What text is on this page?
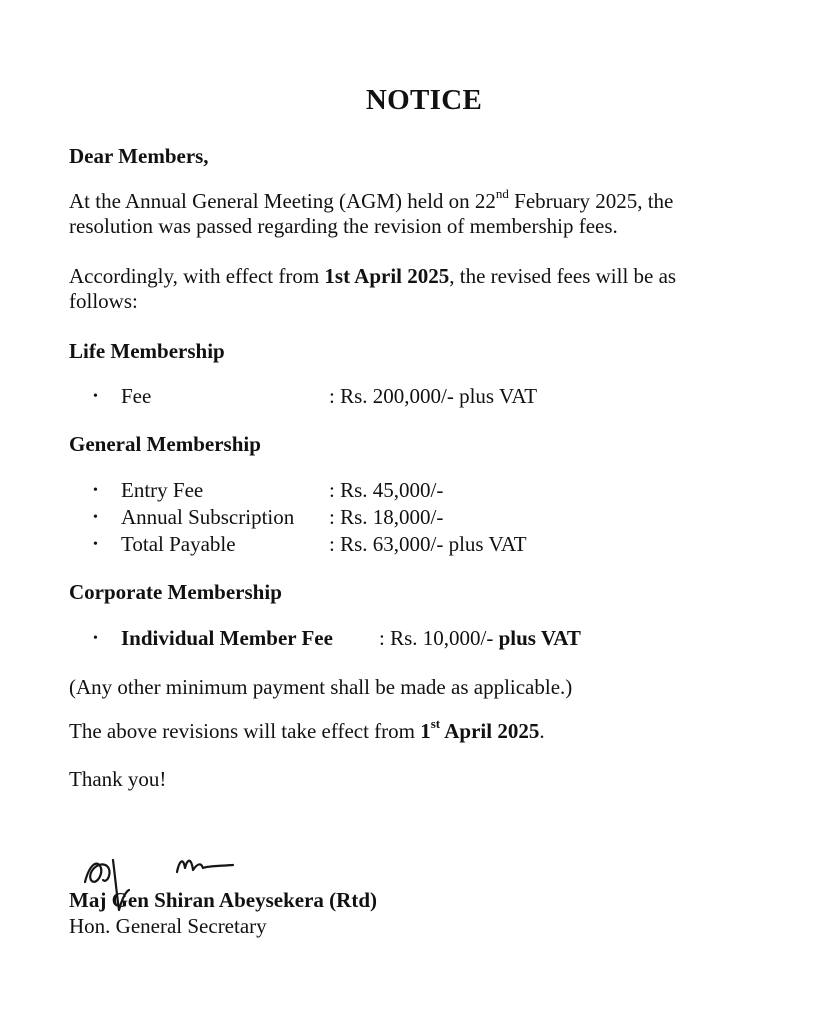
NOTICE
Dear Members,
At the Annual General Meeting (AGM) held on 22nd February 2025, the
resolution was passed regarding the revision of membership fees.
Accordingly, with effect from 1st April 2025, the revised fees will be as
follows:
Life Membership
• Fee	: Rs. 200,000/- plus VAT
General Membership
• Entry Fee	: Rs. 45,000/-
• Annual Subscription : Rs. 18,000/-
• Total Payable	: Rs. 63,000/- plus VAT
Corporate Membership
• Individual Member Fee : Rs. 10,000/- plus VAT
(Any other minimum payment shall be made as applicable.)
The above revisions will take effect from 1st April 2025.
Thank you!
Maj Gen Shiran Abeysekera (Rtd)
Hon. General Secretary
